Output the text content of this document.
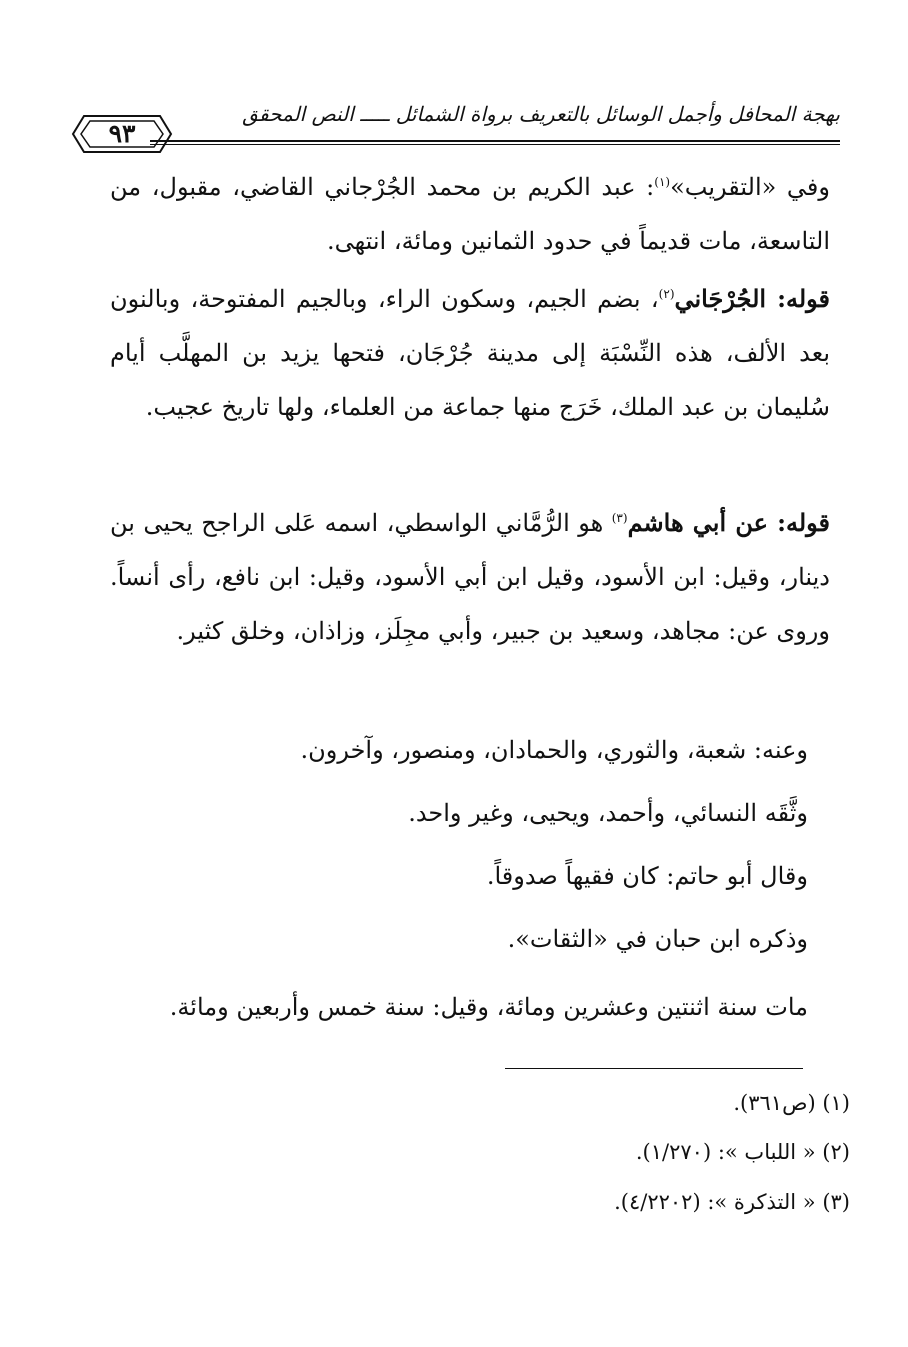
بهجة المحافل وأجمل الوسائل بالتعريف برواة الشمائل ـــــ النص المحقق
٩٣
وفي «التقريب»$^{(١)}$: عبد الكريم بن محمد الجُرْجاني القاضي، مقبول، من التاسعة، مات قديماً في حدود الثمانين ومائة، انتهى.
قوله: الجُرْجَاني$^{(٢)}$، بضم الجيم، وسكون الراء، وبالجيم المفتوحة، وبالنون بعد الألف، هذه النِّسْبَة إلى مدينة جُرْجَان، فتحها يزيد بن المهلَّب أيام سُليمان بن عبد الملك، خَرَج منها جماعة من العلماء، ولها تاريخ عجيب.
قوله: عن أبي هاشم$^{(٣)}$ هو الرُّمَّاني الواسطي، اسمه عَلى الراجح يحيى بن دينار، وقيل: ابن الأسود، وقيل ابن أبي الأسود، وقيل: ابن نافع، رأى أنساً. وروى عن: مجاهد، وسعيد بن جبير، وأبي مجِلَز، وزاذان، وخلق كثير.
وعنه: شعبة، والثوري، والحمادان، ومنصور، وآخرون.
وثَّقَه النسائي، وأحمد، ويحيى، وغير واحد.
وقال أبو حاتم: كان فقيهاً صدوقاً.
وذكره ابن حبان في «الثقات».
مات سنة اثنتين وعشرين ومائة، وقيل: سنة خمس وأربعين ومائة.
(١) (ص٣٦١).
(٢) « اللباب »: (١/٢٧٠).
(٣) « التذكرة »: (٤/٢٢٠٢).
